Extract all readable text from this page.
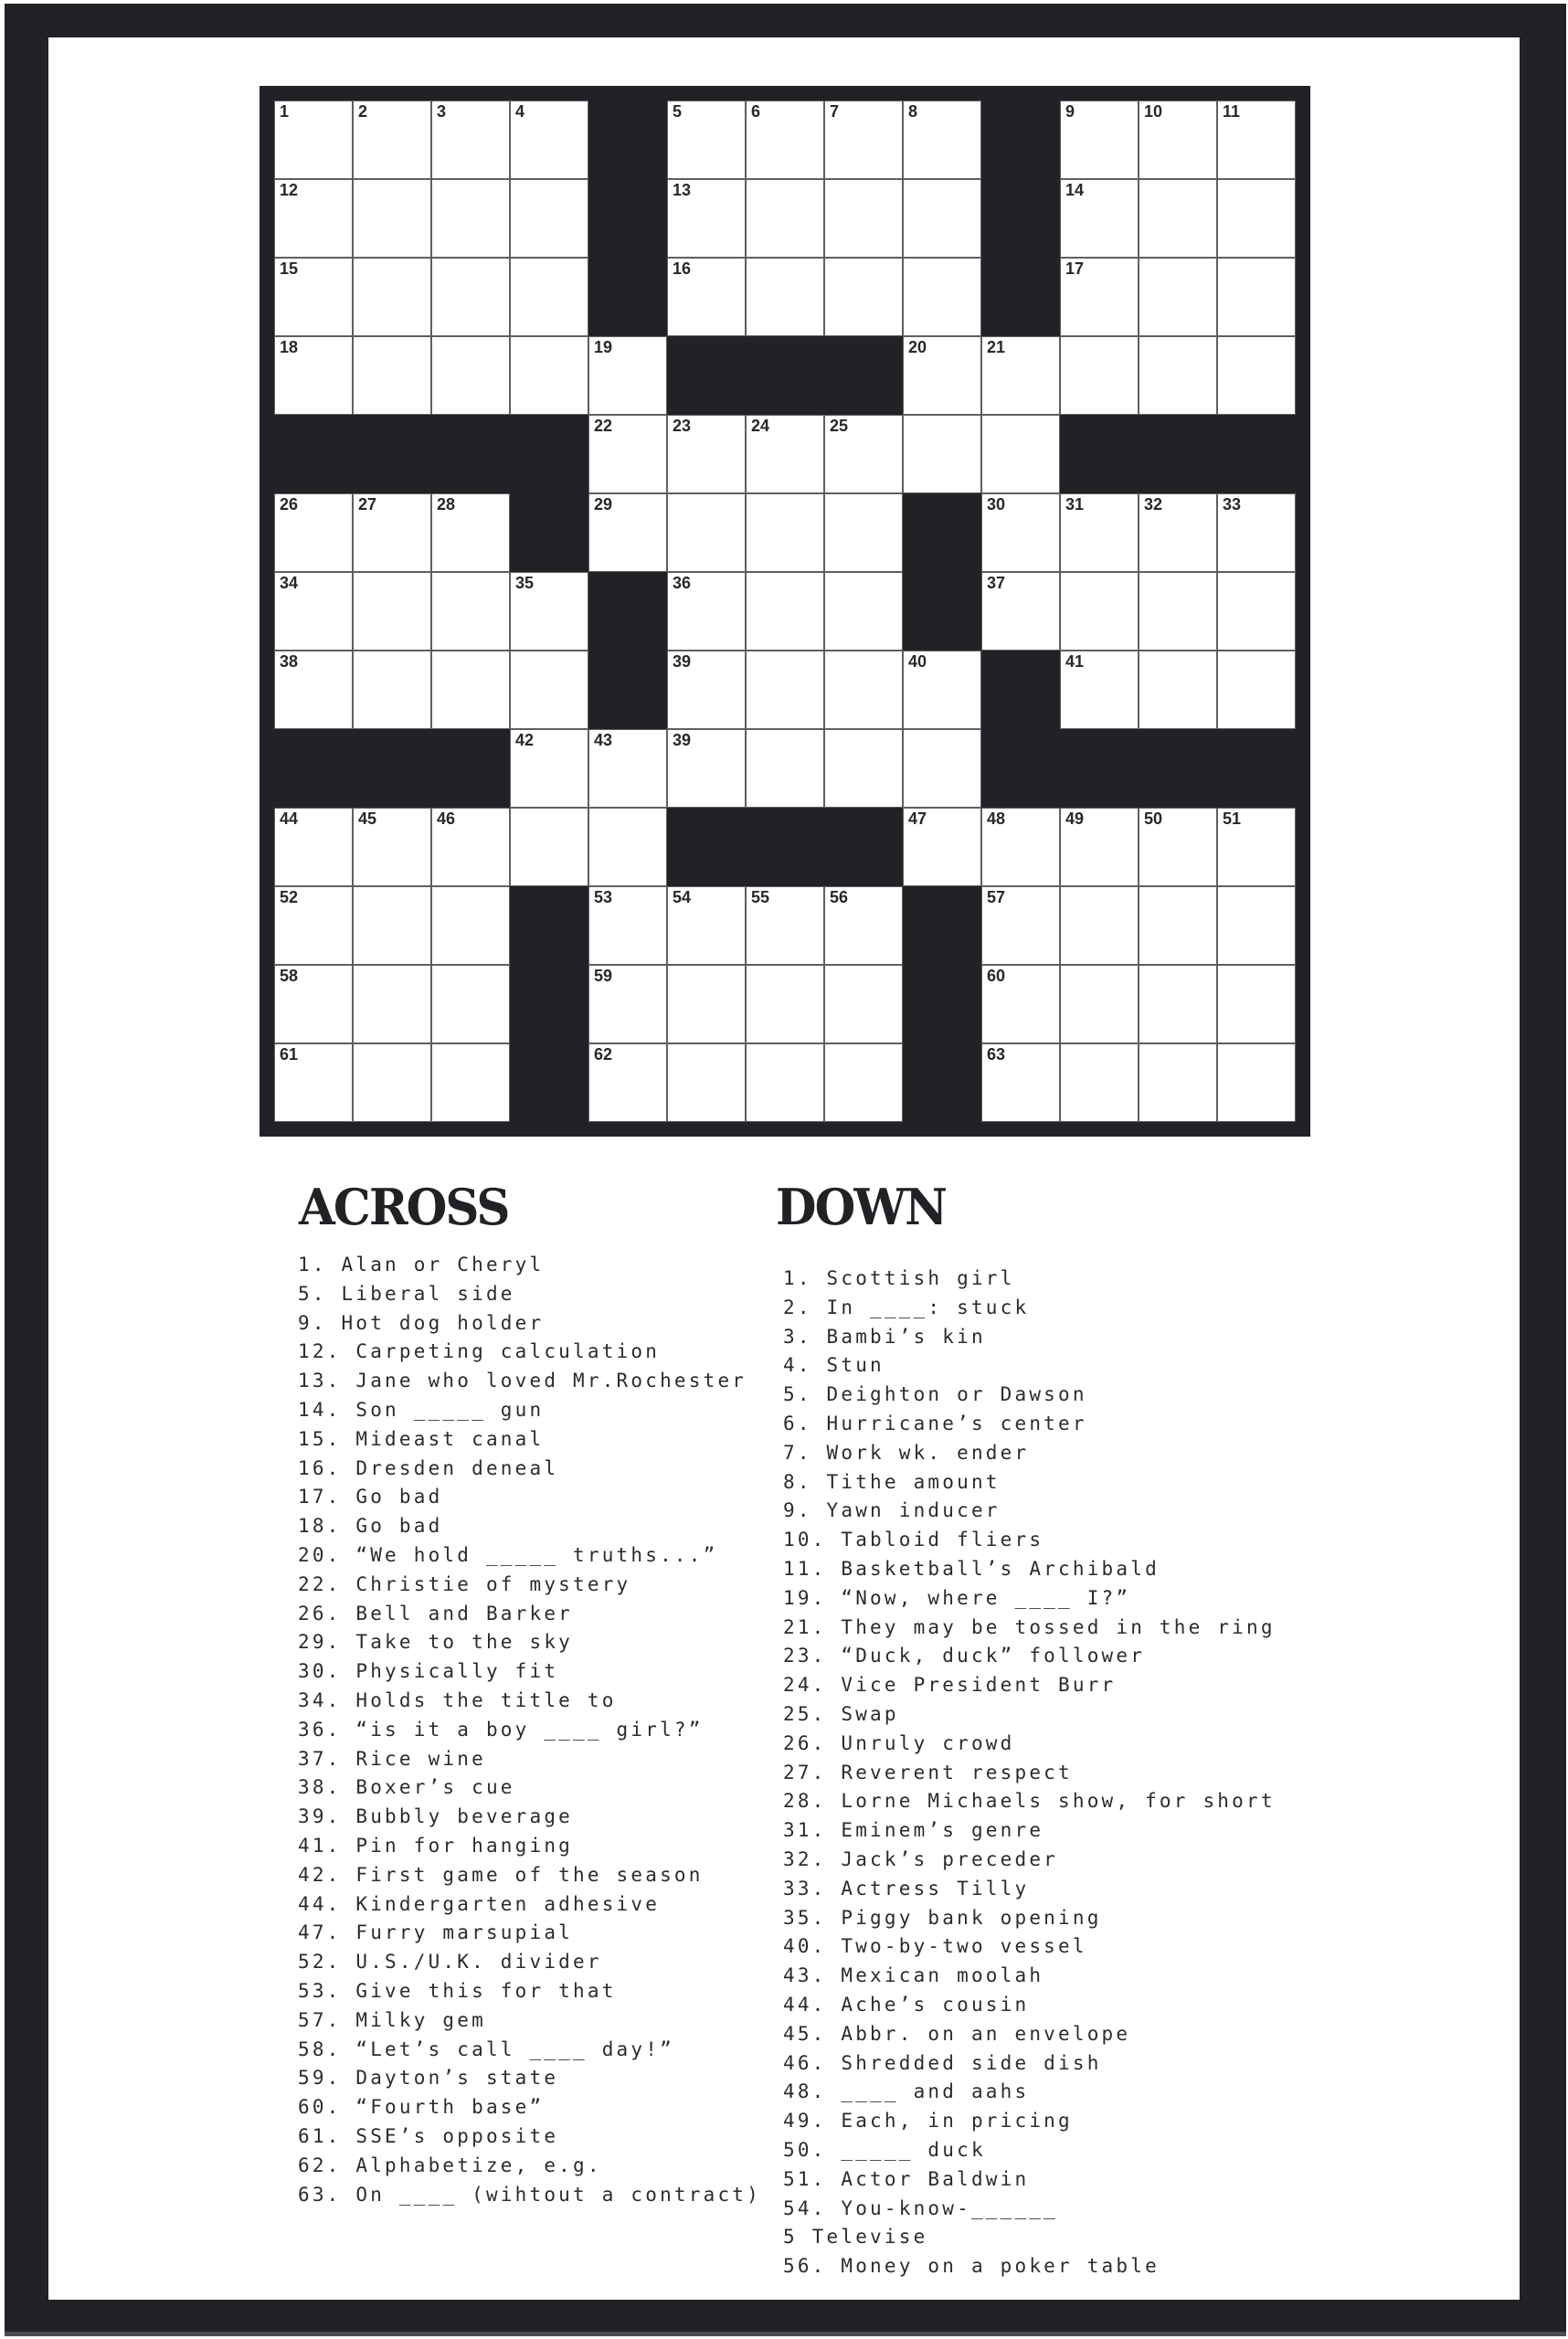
1	2	3	4	5	6	7	8	9	10	11
12	13	14
15	16	17
18	19	20	21
22	23	24	25
26	27	28	29	30	31	32	33
34	35	36	37
38	39	40	41
42	43	39
44	45	46	47	48	49	50	51
52	53	54	55	56	57
58	59	60
61	62	63
ACROSS	DOWN
1. Alan or Cheryl
5. Liberal side
9. Hot dog holder
12. Carpeting calculation
13. Jane who loved Mr.Rochester
14. Son _____ gun
15. Mideast canal
16. Dresden deneal
17. Go bad
18. Go bad
20. “We hold _____ truths...”
22. Christie of mystery
26. Bell and Barker
29. Take to the sky
30. Physically fit
34. Holds the title to
36. “is it a boy ____ girl?”
37. Rice wine
38. Boxer’s cue
39. Bubbly beverage
41. Pin for hanging
42. First game of the season
44. Kindergarten adhesive
47. Furry marsupial
52. U.S./U.K. divider
53. Give this for that
57. Milky gem
58. “Let’s call ____ day!”
59. Dayton’s state
60. “Fourth base”
61. SSE’s opposite
62. Alphabetize, e.g.
63. On ____ (wihtout a contract)
1. Scottish girl
2. In ____: stuck
3. Bambi’s kin
4. Stun
5. Deighton or Dawson
6. Hurricane’s center
7. Work wk. ender
8. Tithe amount
9. Yawn inducer
10. Tabloid fliers
11. Basketball’s Archibald
19. “Now, where ____ I?”
21. They may be tossed in the ring
23. “Duck, duck” follower
24. Vice President Burr
25. Swap
26. Unruly crowd
27. Reverent respect
28. Lorne Michaels show, for short
31. Eminem’s genre
32. Jack’s preceder
33. Actress Tilly
35. Piggy bank opening
40. Two-by-two vessel
43. Mexican moolah
44. Ache’s cousin
45. Abbr. on an envelope
46. Shredded side dish
48. ____ and aahs
49. Each, in pricing
50. _____ duck
51. Actor Baldwin
54. You-know-______
5 Televise
56. Money on a poker table
